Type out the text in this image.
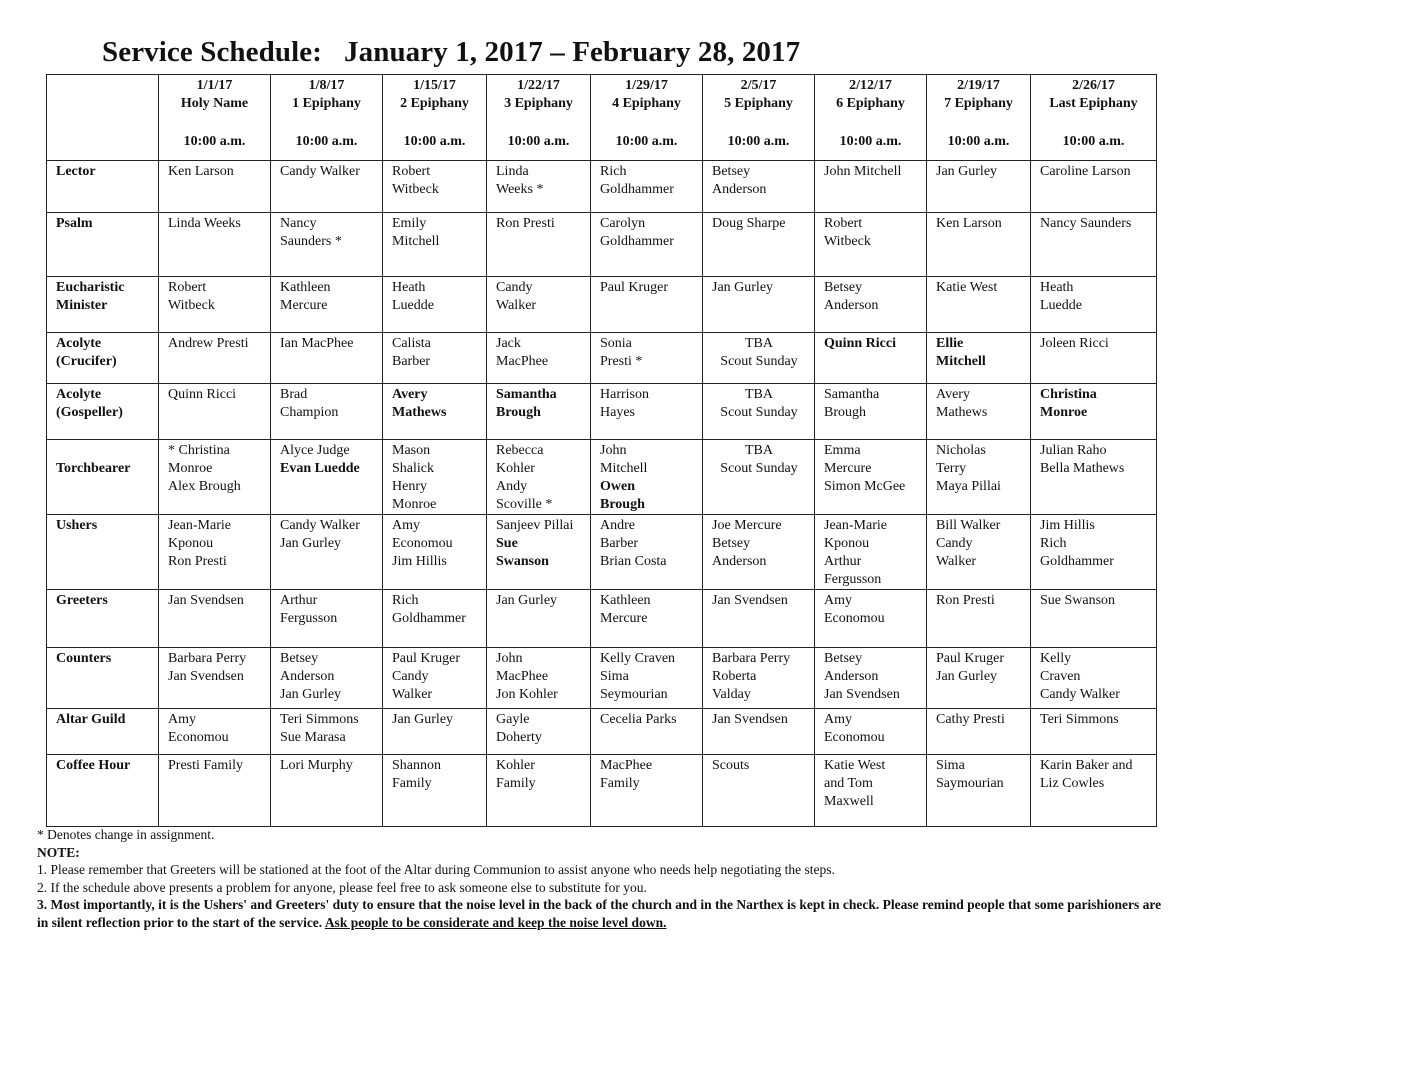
Service Schedule:   January 1, 2017 – February 28, 2017

	1/1/17
Holy Name
10:00 a.m.	1/8/17
1 Epiphany
10:00 a.m.	1/15/17
2 Epiphany
10:00 a.m.	1/22/17
3 Epiphany
10:00 a.m.	1/29/17
4 Epiphany
10:00 a.m.	2/5/17
5 Epiphany
10:00 a.m.	2/12/17
6 Epiphany
10:00 a.m.	2/19/17
7 Epiphany
10:00 a.m.	2/26/17
Last Epiphany
10:00 a.m.

Lector	Ken Larson	Candy Walker	Robert
Witbeck	Linda
Weeks *	Rich
Goldhammer	Betsey
Anderson	John Mitchell	Jan Gurley	Caroline Larson

Psalm	Linda Weeks	Nancy
Saunders *	Emily
Mitchell	Ron Presti	Carolyn
Goldhammer	Doug Sharpe	Robert
Witbeck	Ken Larson	Nancy Saunders

Eucharistic
Minister	Robert
Witbeck	Kathleen
Mercure	Heath
Luedde	Candy
Walker	Paul Kruger	Jan Gurley	Betsey
Anderson	Katie West	Heath
Luedde

Acolyte
(Crucifer)	Andrew Presti	Ian MacPhee	Calista
Barber	Jack
MacPhee	Sonia
Presti *	TBA
Scout Sunday	Quinn Ricci	Ellie
Mitchell	Joleen Ricci

Acolyte
(Gospeller)	Quinn Ricci	Brad
Champion	Avery
Mathews	Samantha
Brough	Harrison
Hayes	TBA
Scout Sunday	Samantha
Brough	Avery
Mathews	Christina
Monroe

Torchbearer	* Christina
Monroe
Alex Brough	Alyce Judge
Evan Luedde	Mason
Shalick
Henry
Monroe	Rebecca
Kohler
Andy
Scoville *	John
Mitchell
Owen
Brough	TBA
Scout Sunday	Emma
Mercure
Simon McGee	Nicholas
Terry
Maya Pillai	Julian Raho
Bella Mathews

Ushers	Jean-Marie
Kponou
Ron Presti	Candy Walker
Jan Gurley	Amy
Economou
Jim Hillis	Sanjeev Pillai
Sue
Swanson	Andre
Barber
Brian Costa	Joe Mercure
Betsey
Anderson	Jean-Marie
Kponou
Arthur
Fergusson	Bill Walker
Candy
Walker	Jim Hillis
Rich
Goldhammer

Greeters	Jan Svendsen	Arthur
Fergusson	Rich
Goldhammer	Jan Gurley	Kathleen
Mercure	Jan Svendsen	Amy
Economou	Ron Presti	Sue Swanson

Counters	Barbara Perry
Jan Svendsen	Betsey
Anderson
Jan Gurley	Paul Kruger
Candy
Walker	John
MacPhee
Jon Kohler	Kelly Craven
Sima
Seymourian	Barbara Perry
Roberta
Valday	Betsey
Anderson
Jan Svendsen	Paul Kruger
Jan Gurley	Kelly
Craven
Candy Walker

Altar Guild	Amy
Economou	Teri Simmons
Sue Marasa	Jan Gurley	Gayle
Doherty	Cecelia Parks	Jan Svendsen	Amy
Economou	Cathy Presti	Teri Simmons

Coffee Hour	Presti Family	Lori Murphy	Shannon
Family	Kohler
Family	MacPhee
Family	Scouts	Katie West
and Tom
Maxwell	Sima
Saymourian	Karin Baker and
Liz Cowles
* Denotes change in assignment.
NOTE:
1. Please remember that Greeters will be stationed at the foot of the Altar during Communion to assist anyone who needs help negotiating the steps.
2. If the schedule above presents a problem for anyone, please feel free to ask someone else to substitute for you.
3. Most importantly, it is the Ushers' and Greeters' duty to ensure that the noise level in the back of the church and in the Narthex is kept in check. Please remind people that some parishioners are
in silent reflection prior to the start of the service. Ask people to be considerate and keep the noise level down.
